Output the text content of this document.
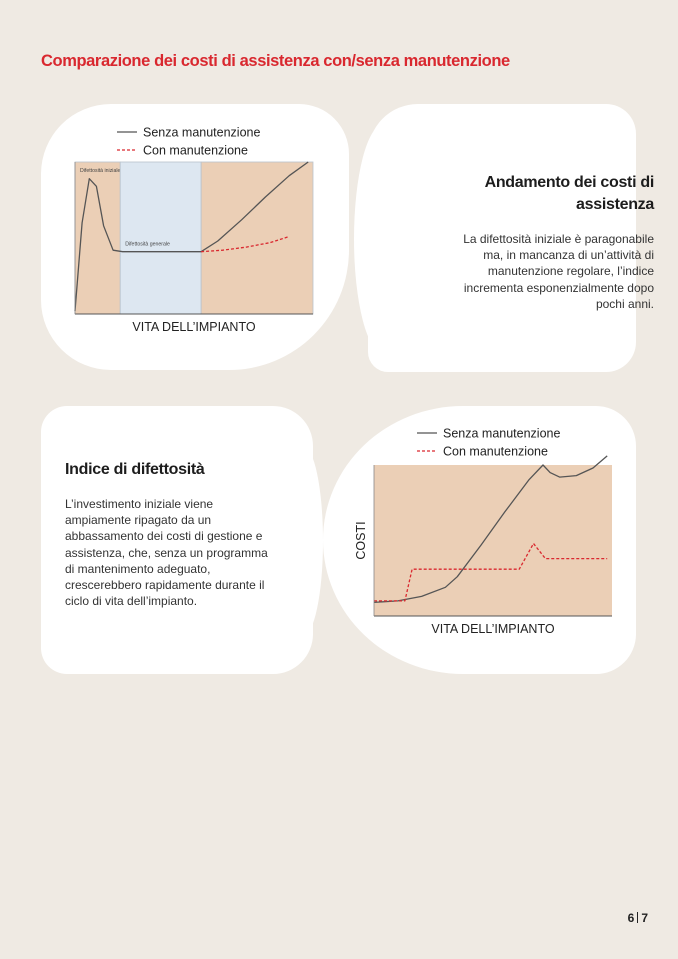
Comparazione dei costi di assistenza con/senza manutenzione
Difettosità iniziale
Difettosità generale
VITA DELL’IMPIANTO
Senza manutenzione
Con manutenzione
Andamento dei costi di assistenza

La difettosità iniziale è paragonabile ma, in mancanza di un’attività di manutenzione regolare, l’indice incrementa esponenzialmente dopo pochi anni.

Indice di difettosità

L’investimento iniziale viene ampiamente ripagato da un abbassamento dei costi di gestione e assistenza, che, senza un programma di mantenimento adeguato, crescerebbero rapidamente durante il ciclo di vita dell’impianto.

VITA DELL’IMPIANTO
COSTI
Senza manutenzione
Con manutenzione
6 7
